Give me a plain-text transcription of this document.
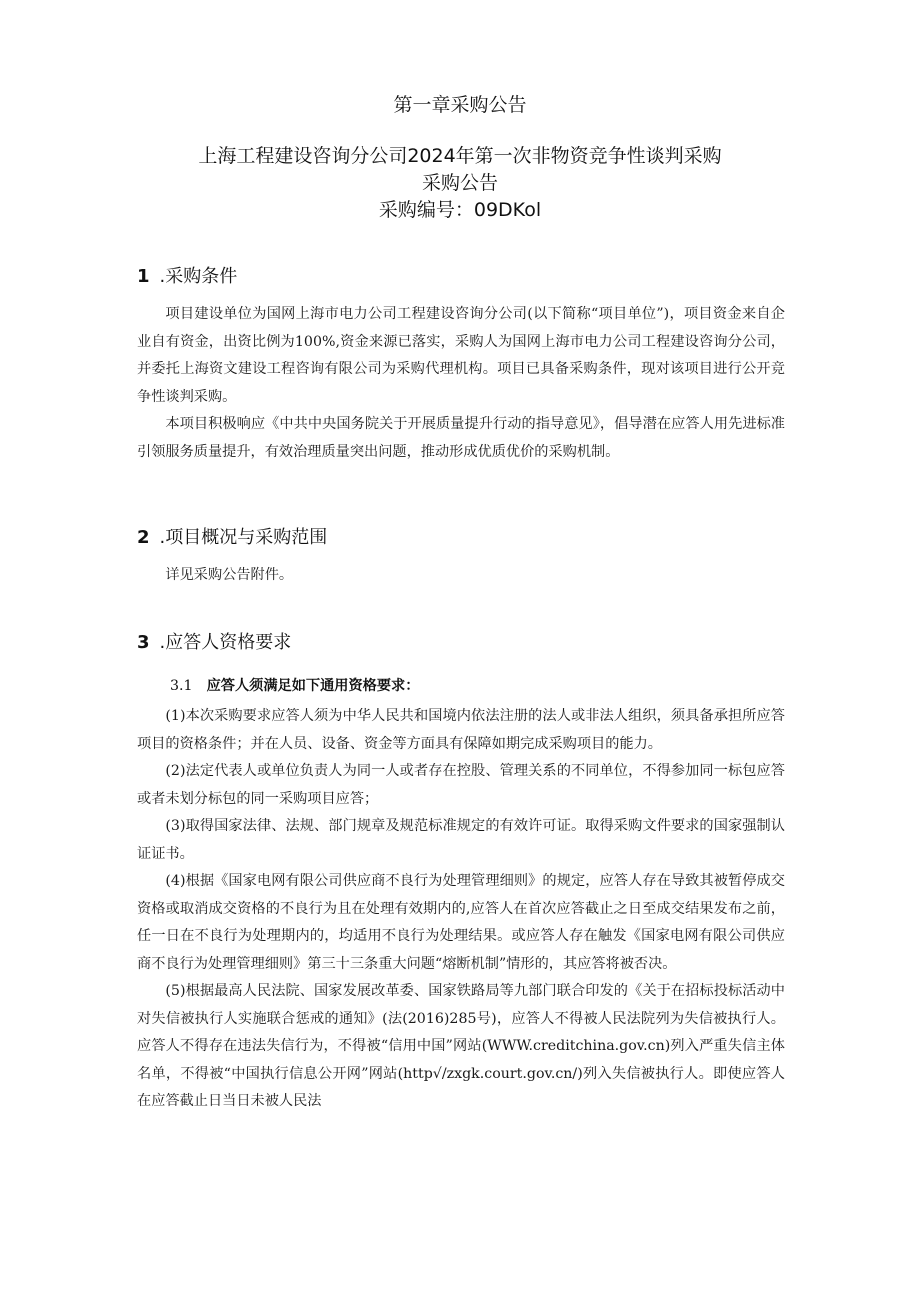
第一章采购公告
上海工程建设咨询分公司2024年第一次非物资竞争性谈判采购
采购公告
采购编号：09DKol
1 .采购条件

项目建设单位为国网上海市电力公司工程建设咨询分公司(以下简称“项目单位”)，项目资金来自企业自有资金，出资比例为100%,资金来源已落实，采购人为国网上海市电力公司工程建设咨询分公司，并委托上海资文建设工程咨询有限公司为采购代理机构。项目已具备采购条件，现对该项目进行公开竞争性谈判采购。

本项目积极响应《中共中央国务院关于开展质量提升行动的指导意见》，倡导潜在应答人用先进标准引领服务质量提升，有效治理质量突出问题，推动形成优质优价的采购机制。

2 .项目概况与采购范围

详见采购公告附件。

3 .应答人资格要求
3.1 应答人须满足如下通用资格要求：

(1)本次采购要求应答人须为中华人民共和国境内依法注册的法人或非法人组织，须具备承担所应答项目的资格条件；并在人员、设备、资金等方面具有保障如期完成采购项目的能力。

(2)法定代表人或单位负责人为同一人或者存在控股、管理关系的不同单位，不得参加同一标包应答或者未划分标包的同一采购项目应答；

(3)取得国家法律、法规、部门规章及规范标准规定的有效许可证。取得采购文件要求的国家强制认证证书。

(4)根据《国家电网有限公司供应商不良行为处理管理细则》的规定，应答人存在导致其被暂停成交资格或取消成交资格的不良行为且在处理有效期内的,应答人在首次应答截止之日至成交结果发布之前，任一日在不良行为处理期内的，均适用不良行为处理结果。或应答人存在触发《国家电网有限公司供应商不良行为处理管理细则》第三十三条重大问题“熔断机制”情形的，其应答将被否决。

(5)根据最高人民法院、国家发展改革委、国家铁路局等九部门联合印发的《关于在招标投标活动中对失信被执行人实施联合惩戒的通知》(法(2016)285号)，应答人不得被人民法院列为失信被执行人。应答人不得存在违法失信行为，不得被“信用中国”网站(WWW.creditchina.gov.cn)列入严重失信主体名单，不得被“中国执行信息公开网”网站(http√/zxgk.court.gov.cn/)列入失信被执行人。即使应答人在应答截止日当日未被人民法
